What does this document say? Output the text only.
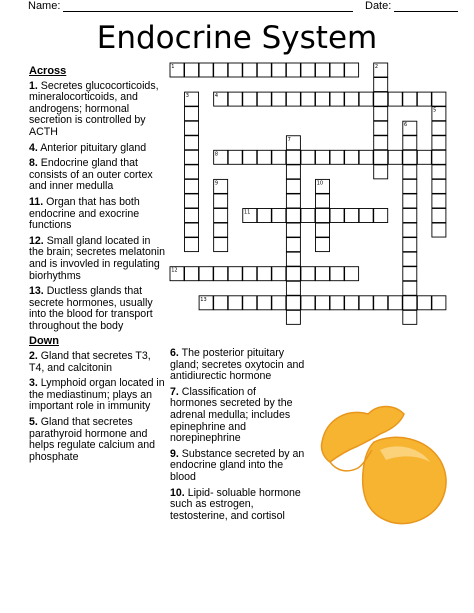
Name:	Date:
Endocrine System
1	2
3	4
5
6
7
8
9	10
11
12
13
Across
1. Secretes glucocorticoids, mineralocorticoids, and androgens; hormonal secretion is controlled by ACTH
4. Anterior pituitary gland
8. Endocrine gland that consists of an outer cortex and inner medulla
11. Organ that has both endocrine and exocrine functions
12. Small gland located in the brain; secretes melatonin and is invovled in regulating biorhythms
13. Ductless glands that secrete hormones, usually into the blood for transport throughout the body
Down
2. Gland that secretes T3, T4, and calcitonin
3. Lymphoid organ located in the mediastinum; plays an important role in immunity
5. Gland that secretes parathyroid hormone and helps regulate calcium and phosphate
6. The posterior pituitary gland; secretes oxytocin and antidiurectic hormone
7. Classification of hormones secreted by the adrenal medulla; includes epinephrine and norepinephrine
9. Substance secreted by an endocrine gland into the blood
10. Lipid- soluable hormone such as estrogen, testosterine, and cortisol
